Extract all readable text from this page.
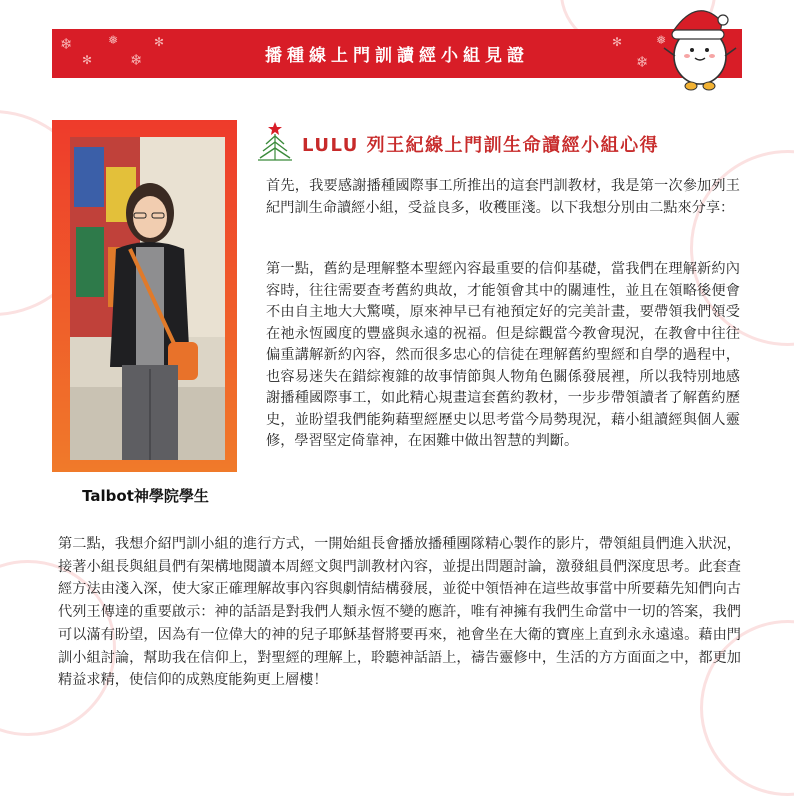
❄
✻
❅
❄
✻	✻
❄
❅
播種線上門訓讀經小組見證
Talbot神學院學生
LULU 列王紀線上門訓生命讀經小組心得

首先，我要感謝播種國際事工所推出的這套門訓教材，我是第一次參加列王紀門訓生命讀經小組，受益良多，收穫匪淺。以下我想分別由二點來分享：

第一點，舊約是理解整本聖經內容最重要的信仰基礎，當我們在理解新約內容時，往往需要查考舊約典故，才能領會其中的關連性，並且在領略後便會不由自主地大大驚嘆，原來神早已有祂預定好的完美計畫，要帶領我們領受在祂永恆國度的豐盛與永遠的祝福。但是綜觀當今教會現況，在教會中往往偏重講解新約內容，然而很多忠心的信徒在理解舊約聖經和自學的過程中，也容易迷失在錯綜複雜的故事情節與人物角色關係發展裡，所以我特別地感謝播種國際事工，如此精心規畫這套舊約教材，一步步帶領讀者了解舊約歷史，並盼望我們能夠藉聖經歷史以思考當今局勢現況，藉小組讀經與個人靈修，學習堅定倚靠神，在困難中做出智慧的判斷。

第二點，我想介紹門訓小組的進行方式，一開始組長會播放播種團隊精心製作的影片，帶領組員們進入狀況，接著小組長與組員們有架構地閱讀本周經文與門訓教材內容，並提出問題討論，激發組員們深度思考。此套查經方法由淺入深，使大家正確理解故事內容與劇情結構發展，並從中領悟神在這些故事當中所要藉先知們向古代列王傳達的重要啟示：神的話語是對我們人類永恆不變的應許，唯有神擁有我們生命當中一切的答案，我們可以滿有盼望，因為有一位偉大的神的兒子耶穌基督將要再來，祂會坐在大衛的寶座上直到永永遠遠。藉由門訓小組討論，幫助我在信仰上，對聖經的理解上，聆聽神話語上，禱告靈修中，生活的方方面面之中，都更加精益求精，使信仰的成熟度能夠更上層樓！
